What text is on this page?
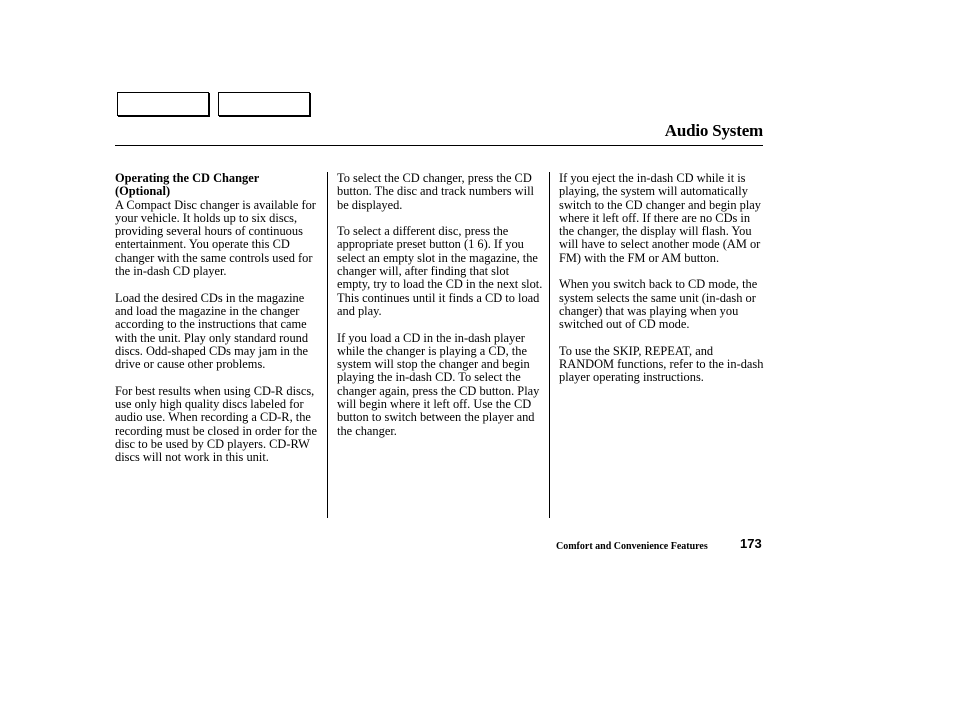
Audio System
Operating the CD Changer
(Optional)

A Compact Disc changer is available for your vehicle. It holds up to six discs, providing several hours of continuous entertainment. You operate this CD changer with the same controls used for the in-dash CD player.

Load the desired CDs in the magazine and load the magazine in the changer according to the instructions that came with the unit. Play only standard round discs. Odd-shaped CDs may jam in the drive or cause other problems.

For best results when using CD-R discs, use only high quality discs labeled for audio use. When recording a CD-R, the recording must be closed in order for the disc to be used by CD players. CD-RW discs will not work in this unit.

To select the CD changer, press the CD button. The disc and track numbers will be displayed.

To select a different disc, press the appropriate preset button (1 6). If you select an empty slot in the magazine, the changer will, after finding that slot empty, try to load the CD in the next slot. This continues until it finds a CD to load and play.

If you load a CD in the in-dash player while the changer is playing a CD, the system will stop the changer and begin playing the in-dash CD. To select the changer again, press the CD button. Play will begin where it left off. Use the CD button to switch between the player and the changer.

If you eject the in-dash CD while it is playing, the system will automatically switch to the CD changer and begin play where it left off. If there are no CDs in the changer, the display will flash. You will have to select another mode (AM or FM) with the FM or AM button.

When you switch back to CD mode, the system selects the same unit (in-dash or changer) that was playing when you switched out of CD mode.

To use the SKIP, REPEAT, and RANDOM functions, refer to the in-dash player operating instructions.

Comfort and Convenience Features 173
